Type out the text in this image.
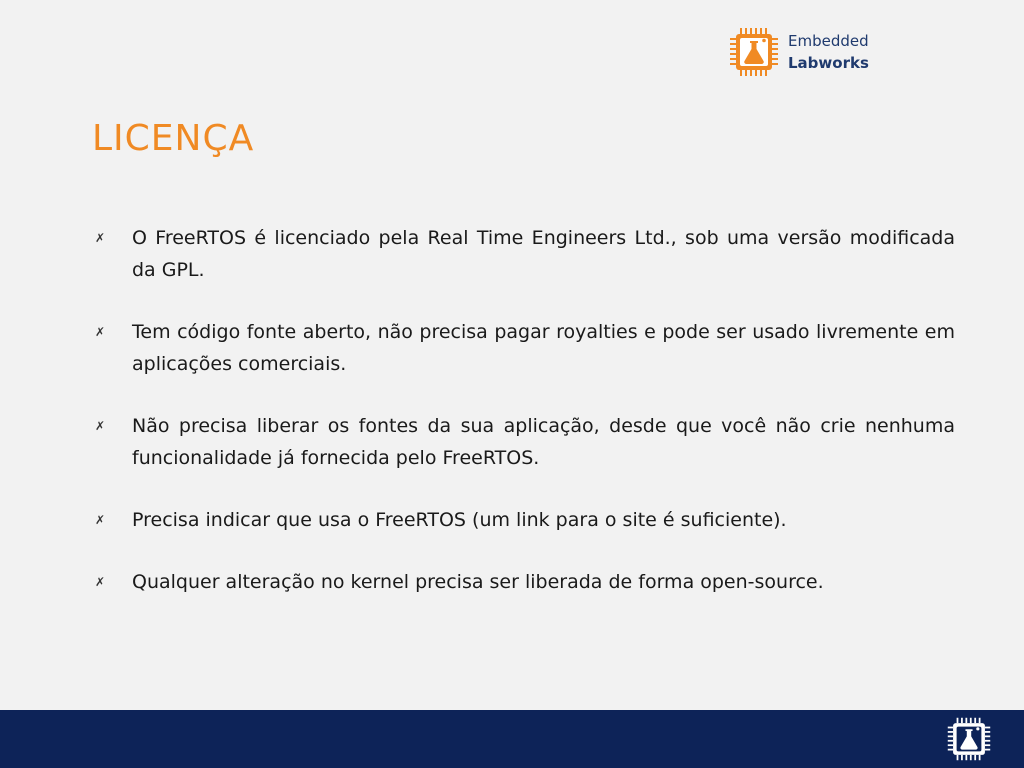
Embedded
Labworks
LICENÇA
✗ O FreeRTOS é licenciado pela Real Time Engineers Ltd., sob uma versão modificada da GPL.
✗ Tem código fonte aberto, não precisa pagar royalties e pode ser usado livremente em aplicações comerciais.
✗ Não precisa liberar os fontes da sua aplicação, desde que você não crie nenhuma funcionalidade já fornecida pelo FreeRTOS.
✗ Precisa indicar que usa o FreeRTOS (um link para o site é suficiente).
✗ Qualquer alteração no kernel precisa ser liberada de forma open-source.
